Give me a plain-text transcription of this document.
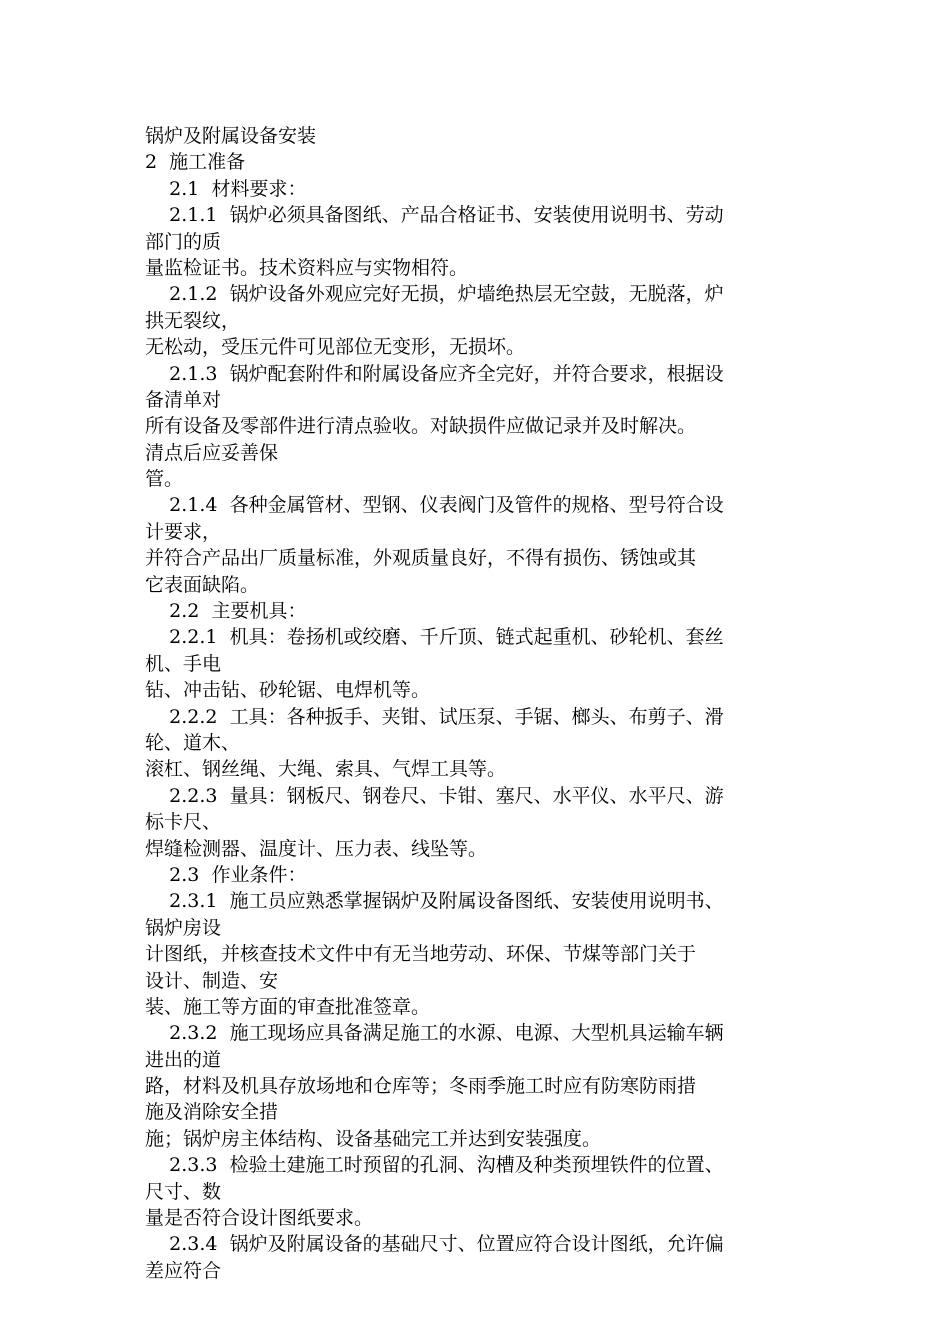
锅炉及附属设备安装
2  施工准备
2.1  材料要求：
2.1.1  锅炉必须具备图纸、产品合格证书、安装使用说明书、劳动
部门的质
量监检证书。技术资料应与实物相符。
2.1.2  锅炉设备外观应完好无损，炉墙绝热层无空鼓，无脱落，炉
拱无裂纹，
无松动，受压元件可见部位无变形，无损坏。
2.1.3  锅炉配套附件和附属设备应齐全完好，并符合要求，根据设
备清单对
所有设备及零部件进行清点验收。对缺损件应做记录并及时解决。
清点后应妥善保
管。
2.1.4  各种金属管材、型钢、仪表阀门及管件的规格、型号符合设
计要求，
并符合产品出厂质量标准，外观质量良好，不得有损伤、锈蚀或其
它表面缺陷。
2.2  主要机具：
2.2.1  机具：卷扬机或绞磨、千斤顶、链式起重机、砂轮机、套丝
机、手电
钻、冲击钻、砂轮锯、电焊机等。
2.2.2  工具：各种扳手、夹钳、试压泵、手锯、榔头、布剪子、滑
轮、道木、
滚杠、钢丝绳、大绳、索具、气焊工具等。
2.2.3  量具：钢板尺、钢卷尺、卡钳、塞尺、水平仪、水平尺、游
标卡尺、
焊缝检测器、温度计、压力表、线坠等。
2.3  作业条件：
2.3.1  施工员应熟悉掌握锅炉及附属设备图纸、安装使用说明书、
锅炉房设
计图纸，并核查技术文件中有无当地劳动、环保、节煤等部门关于
设计、制造、安
装、施工等方面的审查批准签章。
2.3.2  施工现场应具备满足施工的水源、电源、大型机具运输车辆
进出的道
路，材料及机具存放场地和仓库等；冬雨季施工时应有防寒防雨措
施及消除安全措
施；锅炉房主体结构、设备基础完工并达到安装强度。
2.3.3  检验土建施工时预留的孔洞、沟槽及种类预埋铁件的位置、
尺寸、数
量是否符合设计图纸要求。
2.3.4  锅炉及附属设备的基础尺寸、位置应符合设计图纸，允许偏
差应符合
